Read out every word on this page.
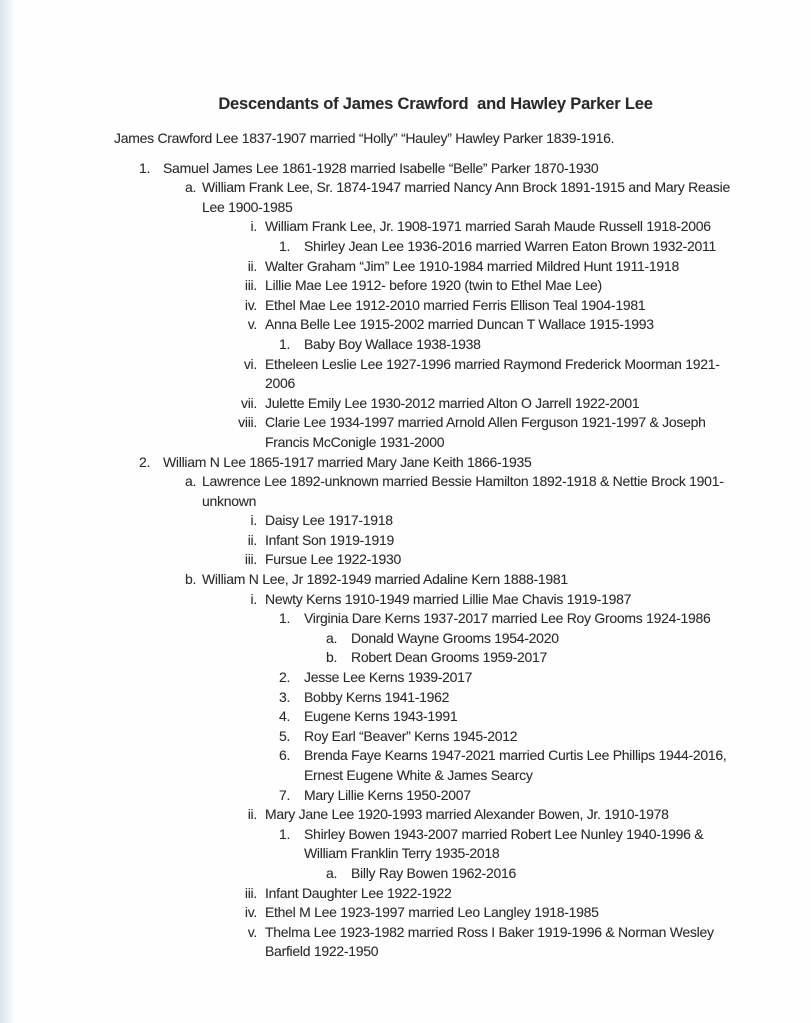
Descendants of James Crawford  and Hawley Parker Lee

James Crawford Lee 1837-1907 married “Holly” “Hauley” Hawley Parker 1839-1916.

1. Samuel James Lee 1861-1928 married Isabelle “Belle” Parker 1870-1930
a. William Frank Lee, Sr. 1874-1947 married Nancy Ann Brock 1891-1915 and Mary Reasie
Lee 1900-1985
i. William Frank Lee, Jr. 1908-1971 married Sarah Maude Russell 1918-2006
1. Shirley Jean Lee 1936-2016 married Warren Eaton Brown 1932-2011
ii. Walter Graham “Jim” Lee 1910-1984 married Mildred Hunt 1911-1918
iii. Lillie Mae Lee 1912- before 1920 (twin to Ethel Mae Lee)
iv. Ethel Mae Lee 1912-2010 married Ferris Ellison Teal 1904-1981
v. Anna Belle Lee 1915-2002 married Duncan T Wallace 1915-1993
1. Baby Boy Wallace 1938-1938
vi. Etheleen Leslie Lee 1927-1996 married Raymond Frederick Moorman 1921-
2006
vii. Julette Emily Lee 1930-2012 married Alton O Jarrell 1922-2001
viii. Clarie Lee 1934-1997 married Arnold Allen Ferguson 1921-1997 & Joseph
Francis McConigle 1931-2000
2. William N Lee 1865-1917 married Mary Jane Keith 1866-1935
a. Lawrence Lee 1892-unknown married Bessie Hamilton 1892-1918 & Nettie Brock 1901-
unknown
i. Daisy Lee 1917-1918
ii. Infant Son 1919-1919
iii. Fursue Lee 1922-1930
b. William N Lee, Jr 1892-1949 married Adaline Kern 1888-1981
i. Newty Kerns 1910-1949 married Lillie Mae Chavis 1919-1987
1. Virginia Dare Kerns 1937-2017 married Lee Roy Grooms 1924-1986
a. Donald Wayne Grooms 1954-2020
b. Robert Dean Grooms 1959-2017
2. Jesse Lee Kerns 1939-2017
3. Bobby Kerns 1941-1962
4. Eugene Kerns 1943-1991
5. Roy Earl “Beaver” Kerns 1945-2012
6. Brenda Faye Kearns 1947-2021 married Curtis Lee Phillips 1944-2016,
Ernest Eugene White & James Searcy
7. Mary Lillie Kerns 1950-2007
ii. Mary Jane Lee 1920-1993 married Alexander Bowen, Jr. 1910-1978
1. Shirley Bowen 1943-2007 married Robert Lee Nunley 1940-1996 &
William Franklin Terry 1935-2018
a. Billy Ray Bowen 1962-2016
iii. Infant Daughter Lee 1922-1922
iv. Ethel M Lee 1923-1997 married Leo Langley 1918-1985
v. Thelma Lee 1923-1982 married Ross I Baker 1919-1996 & Norman Wesley
Barfield 1922-1950
